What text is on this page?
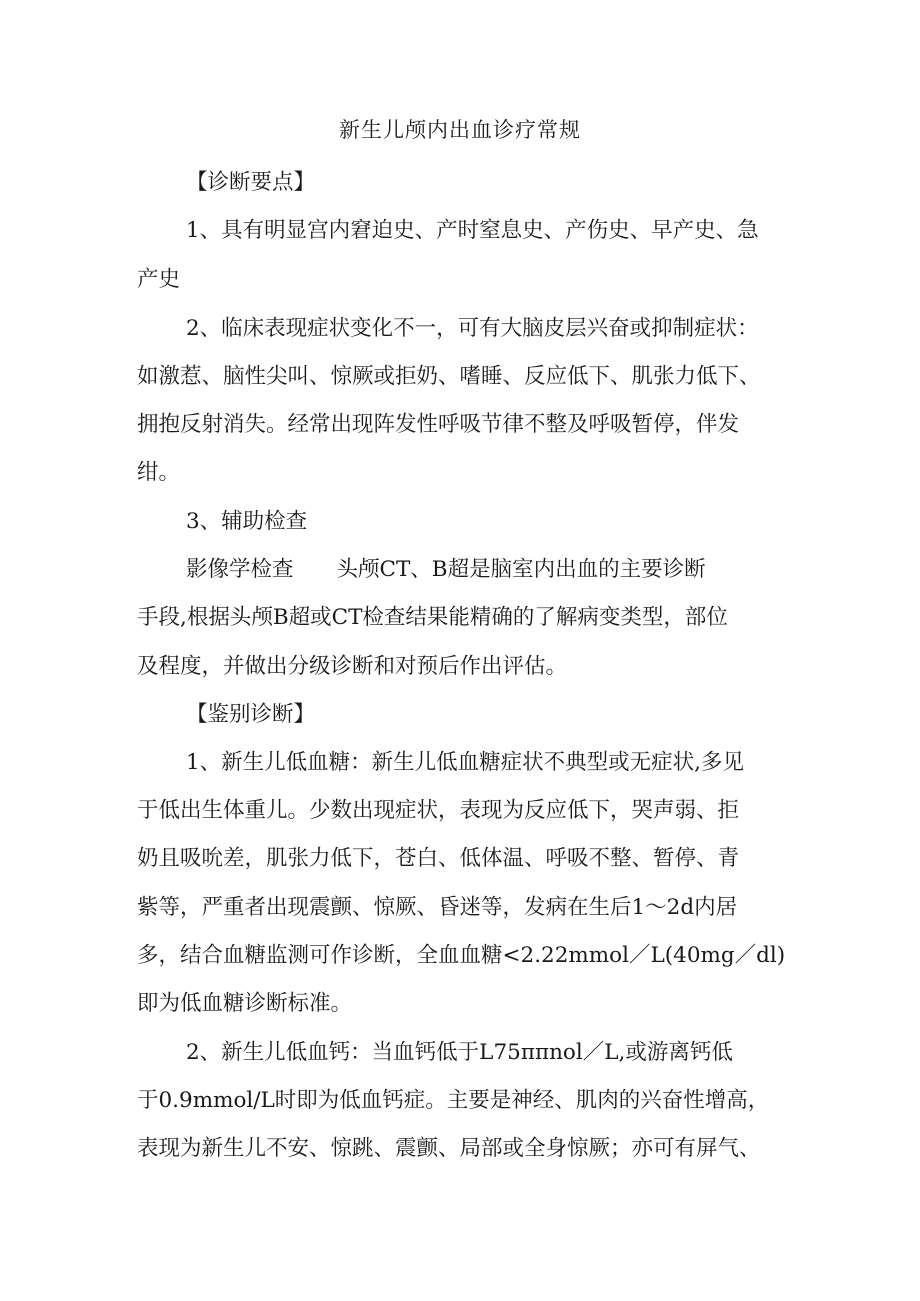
新生儿颅内出血诊疗常规
【诊断要点】
1、具有明显宫内窘迫史、产时窒息史、产伤史、早产史、急
产史
2、临床表现症状变化不一，可有大脑皮层兴奋或抑制症状：
如激惹、脑性尖叫、惊厥或拒奶、嗜睡、反应低下、肌张力低下、
拥抱反射消失。经常出现阵发性呼吸节律不整及呼吸暂停，伴发
绀。
3、辅助检查
影像学检查　　头颅CT、B超是脑室内出血的主要诊断
手段,根据头颅B超或CT检查结果能精确的了解病变类型，部位
及程度，并做出分级诊断和对预后作出评估。
【鉴别诊断】
1、新生儿低血糖：新生儿低血糖症状不典型或无症状,多见
于低出生体重儿。少数出现症状，表现为反应低下，哭声弱、拒
奶且吸吮差，肌张力低下，苍白、低体温、呼吸不整、暂停、青
紫等，严重者出现震颤、惊厥、昏迷等，发病在生后1～2d内居
多，结合血糖监测可作诊断，全血血糖<2.22mmol／L(40mg／dl)
即为低血糖诊断标准。
2、新生儿低血钙：当血钙低于L75ππnol／L,或游离钙低
于0.9mmol/L时即为低血钙症。主要是神经、肌肉的兴奋性增高，
表现为新生儿不安、惊跳、震颤、局部或全身惊厥；亦可有屏气、
